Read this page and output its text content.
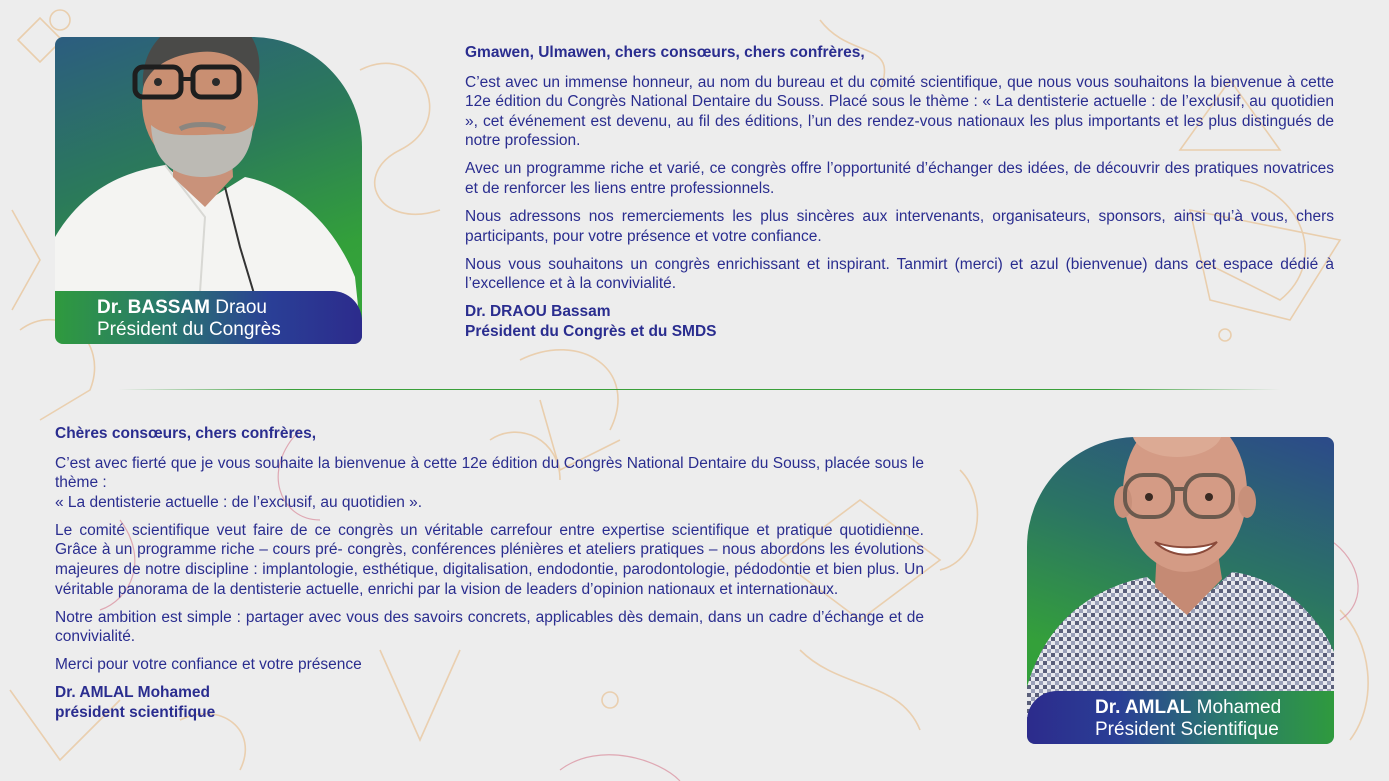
Dr. BASSAM Draou
Président du Congrès

Gmawen, Ulmawen, chers consœurs, chers confrères,

C’est avec un immense honneur, au nom du bureau et du comité scientifique, que nous vous souhaitons la bienvenue à cette 12e édition du Congrès National Dentaire du Souss. Placé sous le thème : « La dentisterie actuelle : de l’exclusif, au quotidien », cet événement est devenu, au fil des éditions, l’un des rendez-vous nationaux les plus importants et les plus distingués de notre profession.

Avec un programme riche et varié, ce congrès offre l’opportunité d’échanger des idées, de découvrir des pratiques novatrices et de renforcer les liens entre professionnels.

Nous adressons nos remerciements les plus sincères aux intervenants, organisateurs, sponsors, ainsi qu’à vous, chers participants, pour votre présence et votre confiance.

Nous vous souhaitons un congrès enrichissant et inspirant. Tanmirt (merci) et azul (bienvenue) dans cet espace dédié à l’excellence et à la convivialité.

Dr. DRAOU Bassam

Président du Congrès et du SMDS

Chères consœurs, chers confrères,

C’est avec fierté que je vous souhaite la bienvenue à cette 12e édition du Congrès National Dentaire du Souss, placée sous le thème :

« La dentisterie actuelle : de l’exclusif, au quotidien ».

Le comité scientifique veut faire de ce congrès un véritable carrefour entre expertise scientifique et pratique quotidienne. Grâce à un programme riche – cours pré- congrès, conférences plénières et ateliers pratiques – nous abordons les évolutions majeures de notre discipline : implantologie, esthétique, digitalisation, endodontie, parodontologie, pédodontie et bien plus. Un véritable panorama de la dentisterie actuelle, enrichi par la vision de leaders d’opinion nationaux et internationaux.

Notre ambition est simple : partager avec vous des savoirs concrets, applicables dès demain, dans un cadre d’échange et de convivialité.

Merci pour votre confiance et votre présence

Dr. AMLAL Mohamed

président scientifique	Dr. AMLAL Mohamed
Président Scientifique
